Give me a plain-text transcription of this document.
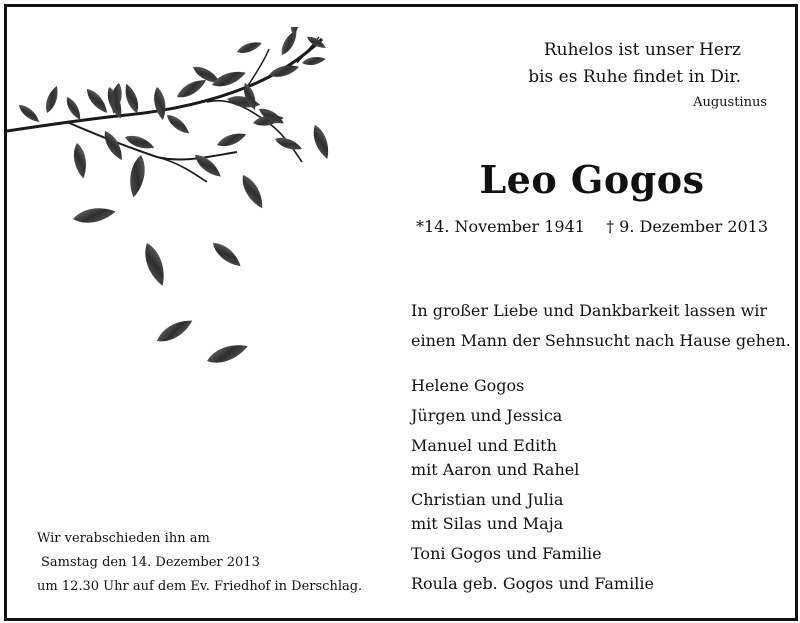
Ruhelos ist unser Herz
bis es Ruhe findet in Dir.
Augustinus
Leo Gogos
*14. November 1941 † 9. Dezember 2013
In großer Liebe und Dankbarkeit lassen wir
einen Mann der Sehnsucht nach Hause gehen.
Helene Gogos
Jürgen und Jessica
Manuel und Edith
mit Aaron und Rahel
Christian und Julia
mit Silas und Maja
Toni Gogos und Familie
Roula geb. Gogos und Familie
Wir verabschieden ihn am
Samstag den 14. Dezember 2013
um 12.30 Uhr auf dem Ev. Friedhof in Derschlag.
